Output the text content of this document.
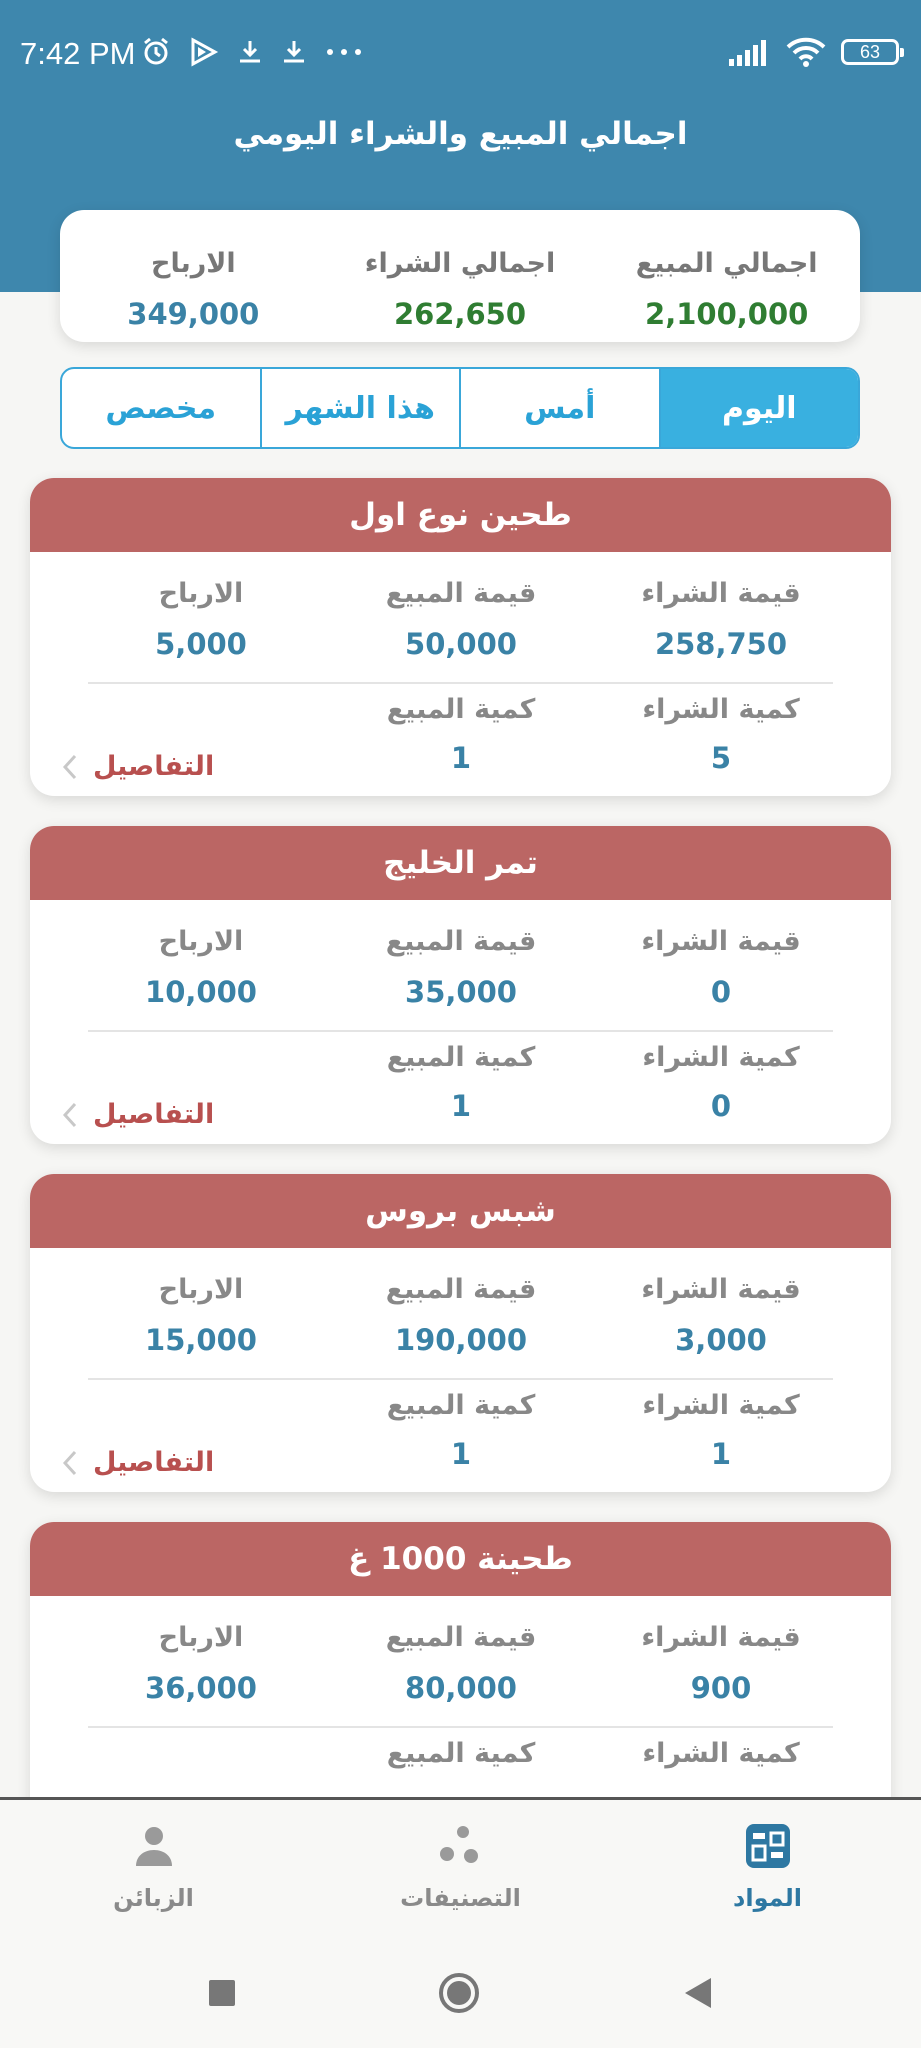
7:42 PM	63
اجمالي المبيع والشراء اليومي
اجمالي المبيع
2,100,000
اجمالي الشراء
262,650
الارباح
349,000
اليوم
أمس
هذا الشهر
مخصص
طحين نوع اول
قيمة الشراء
258,750
قيمة المبيع
50,000
الارباح
5,000
كمية الشراء
5
كمية المبيع
1
التفاصيل
تمر الخليج
قيمة الشراء
0
قيمة المبيع
35,000
الارباح
10,000
كمية الشراء
0
كمية المبيع
1
التفاصيل
شبس بروس
قيمة الشراء
3,000
قيمة المبيع
190,000
الارباح
15,000
كمية الشراء
1
كمية المبيع
1
التفاصيل
طحينة 1000 غ
قيمة الشراء
900
قيمة المبيع
80,000
الارباح
36,000
كمية الشراء
كمية المبيع
المواد
التصنيفات
الزبائن
